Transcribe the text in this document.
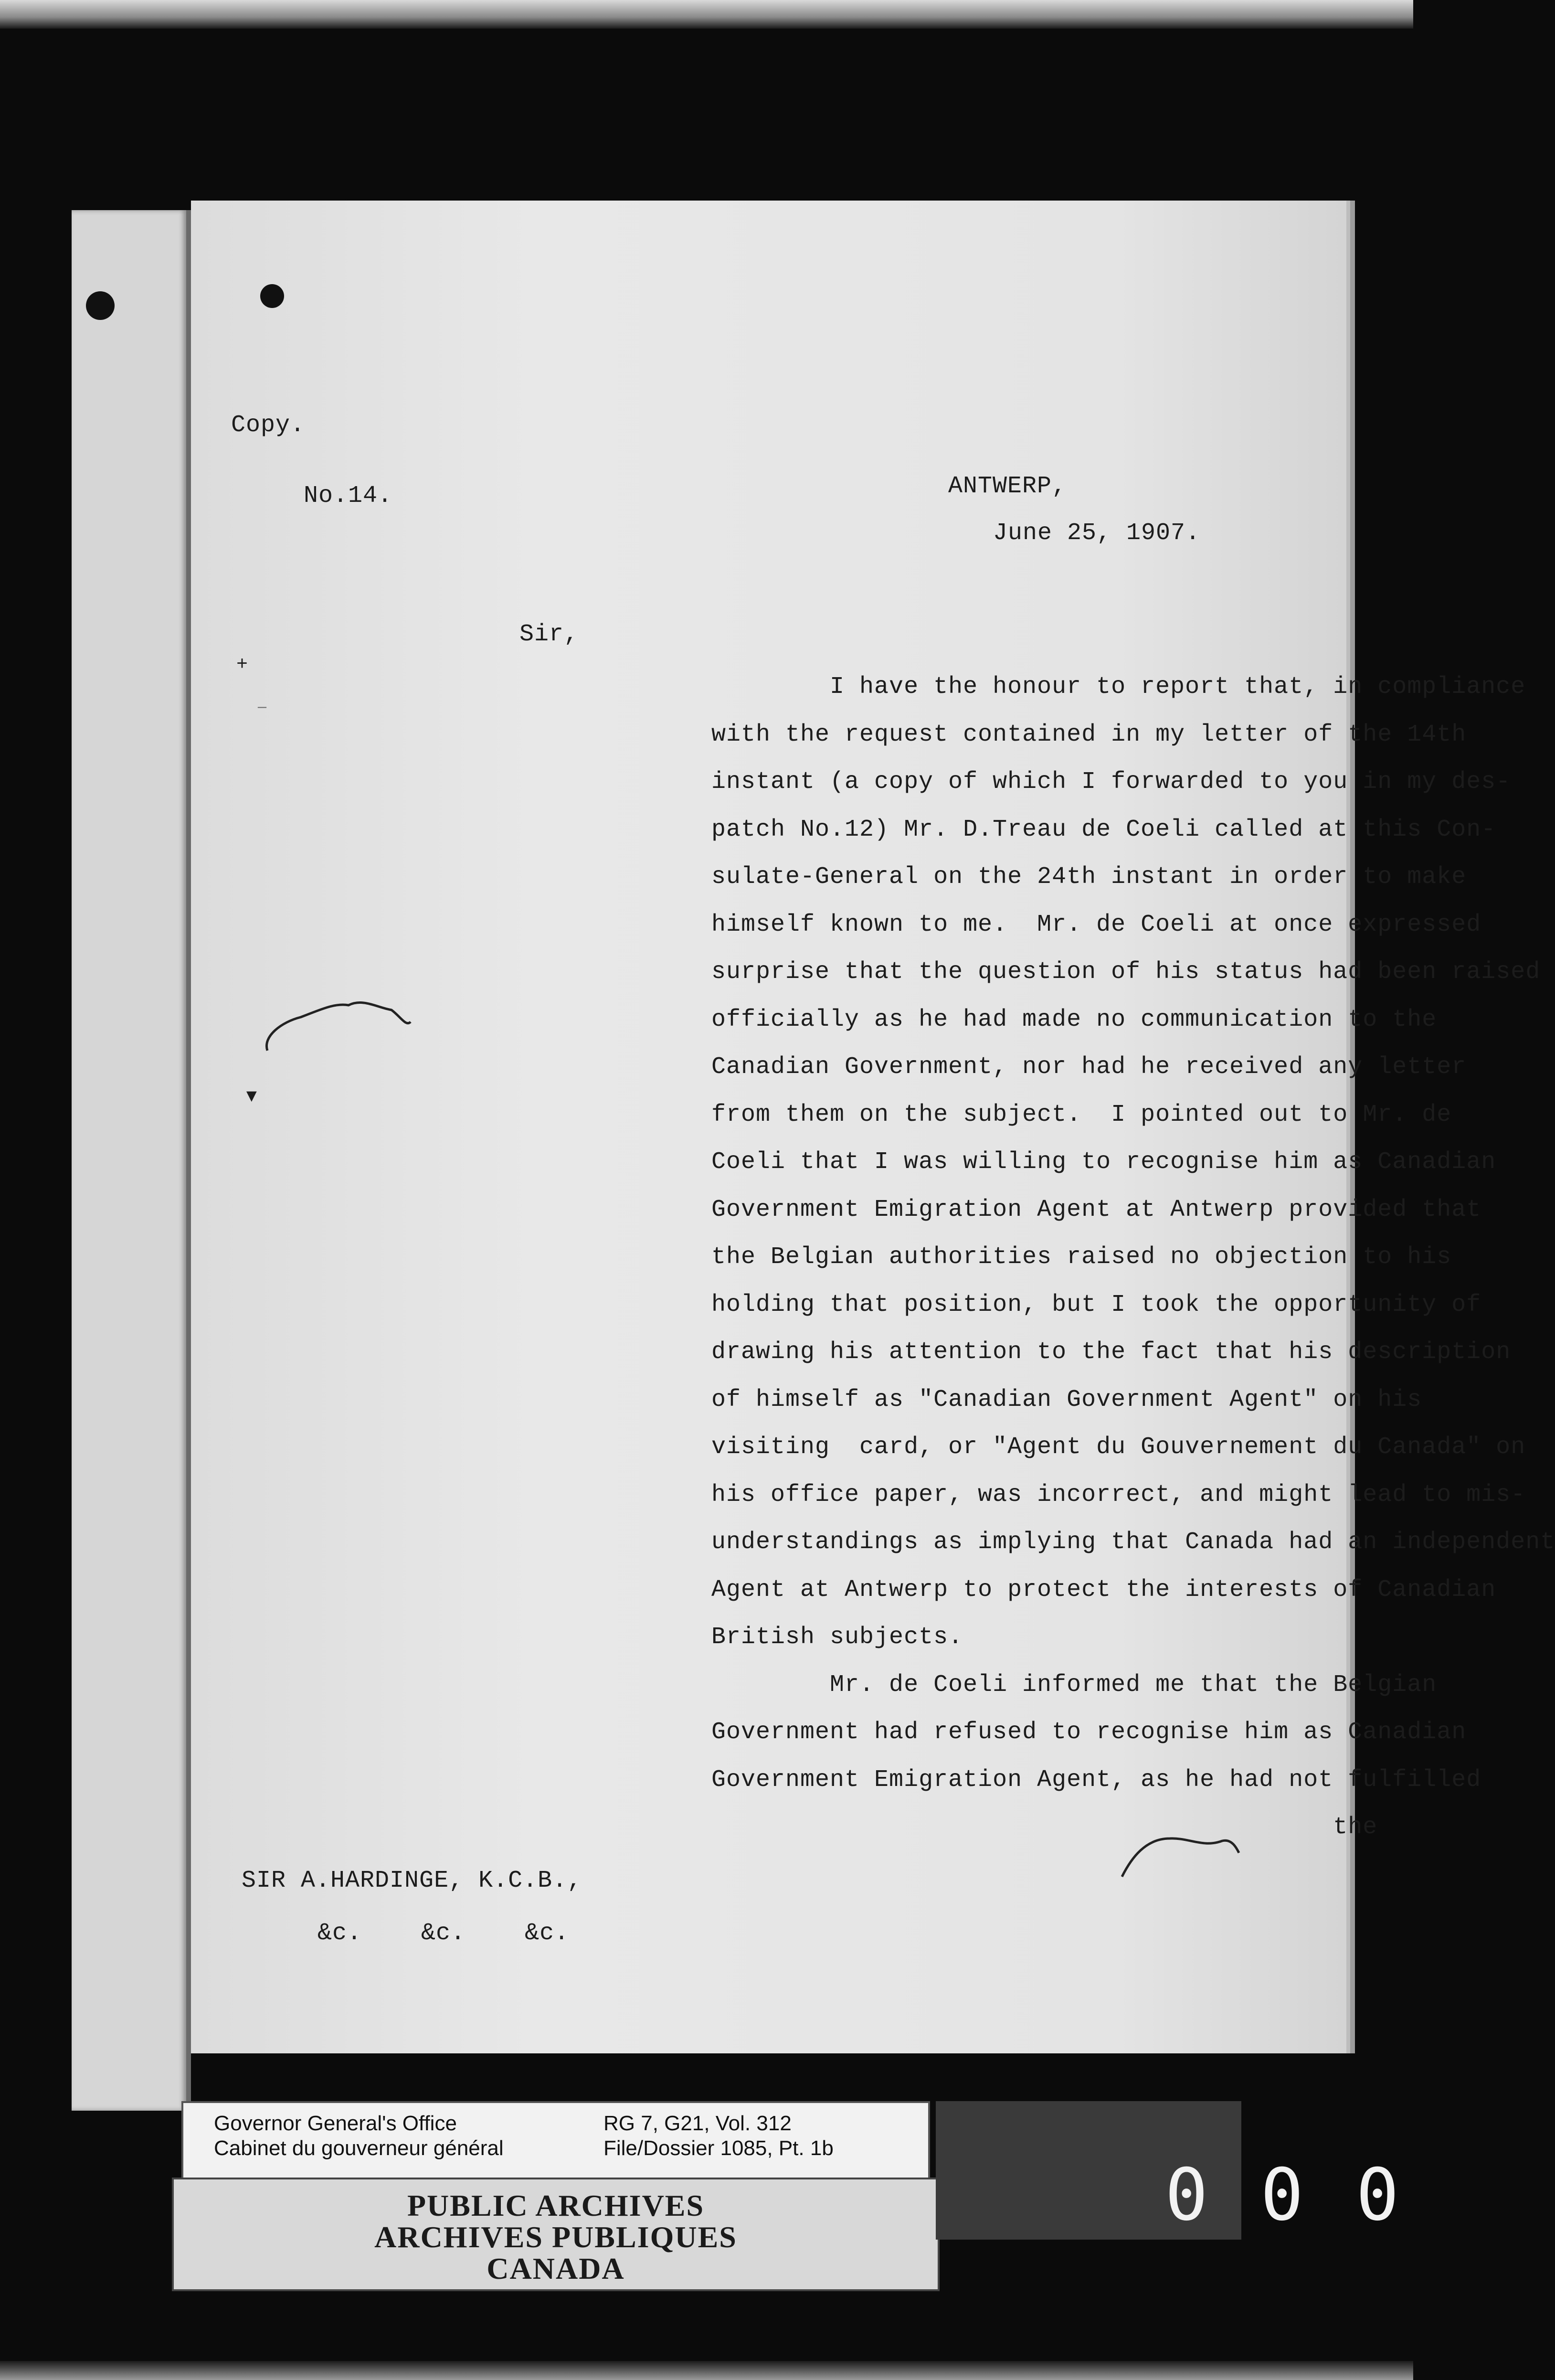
Copy.
No.14.	ANTWERP,
June 25, 1907.
Sir,
I have the honour to report that, in compliance
with the request contained in my letter of the 14th
instant (a copy of which I forwarded to you in my des-
patch No.12) Mr. D.Treau de Coeli called at this Con-
sulate-General on the 24th instant in order to make
himself known to me.  Mr. de Coeli at once expressed
surprise that the question of his status had been raised
officially as he had made no communication to the
Canadian Government, nor had he received any letter
from them on the subject.  I pointed out to Mr. de
Coeli that I was willing to recognise him as Canadian
Government Emigration Agent at Antwerp provided that
the Belgian authorities raised no objection to his
holding that position, but I took the opportunity of
drawing his attention to the fact that his description
of himself as "Canadian Government Agent" on his
visiting  card, or "Agent du Gouvernement du Canada" on
his office paper, was incorrect, and might lead to mis-
understandings as implying that Canada had an independent
Agent at Antwerp to protect the interests of Canadian
British subjects.
Mr. de Coeli informed me that the Belgian
Government had refused to recognise him as Canadian
Government Emigration Agent, as he had not fulfilled
the
SIR A.HARDINGE, K.C.B.,
&c.    &c.    &c.
▾
+
—
Governor General's Office
Cabinet du gouverneur général
RG 7, G21, Vol. 312
File/Dossier 1085, Pt. 1b
PUBLIC ARCHIVES
ARCHIVES PUBLIQUES
CANADA
0 0 0
